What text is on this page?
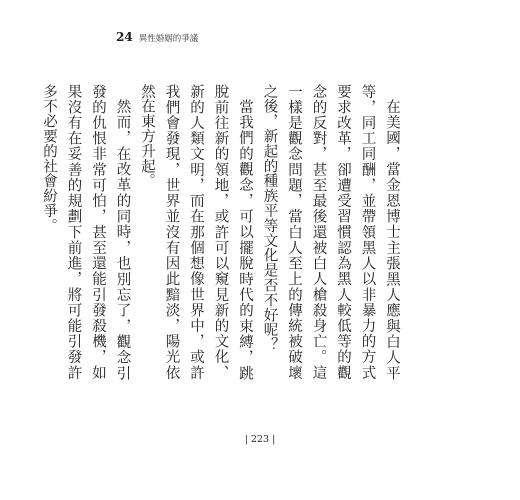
24 異性婚姻的爭議

在美國，當金恩博士主張黑人應與白人平等，同工同酬，並帶領黑人以非暴力的方式要求改革，卻遭受習慣認為黑人較低等的觀念的反對，甚至最後還被白人槍殺身亡。這一樣是觀念問題，當白人至上的傳統被破壞之後，新起的種族平等文化是否不好呢？

當我們的觀念，可以擺脫時代的束縛，跳脫前往新的領地，或許可以窺見新的文化、新的人類文明，而在那個想像世界中，或許我們會發現，世界並沒有因此黯淡，陽光依然在東方升起。

然而，在改革的同時，也別忘了，觀念引發的仇恨非常可怕，甚至還能引發殺機，如果沒有在妥善的規劃下前進，將可能引發許多不必要的社會紛爭。

| 223 |
